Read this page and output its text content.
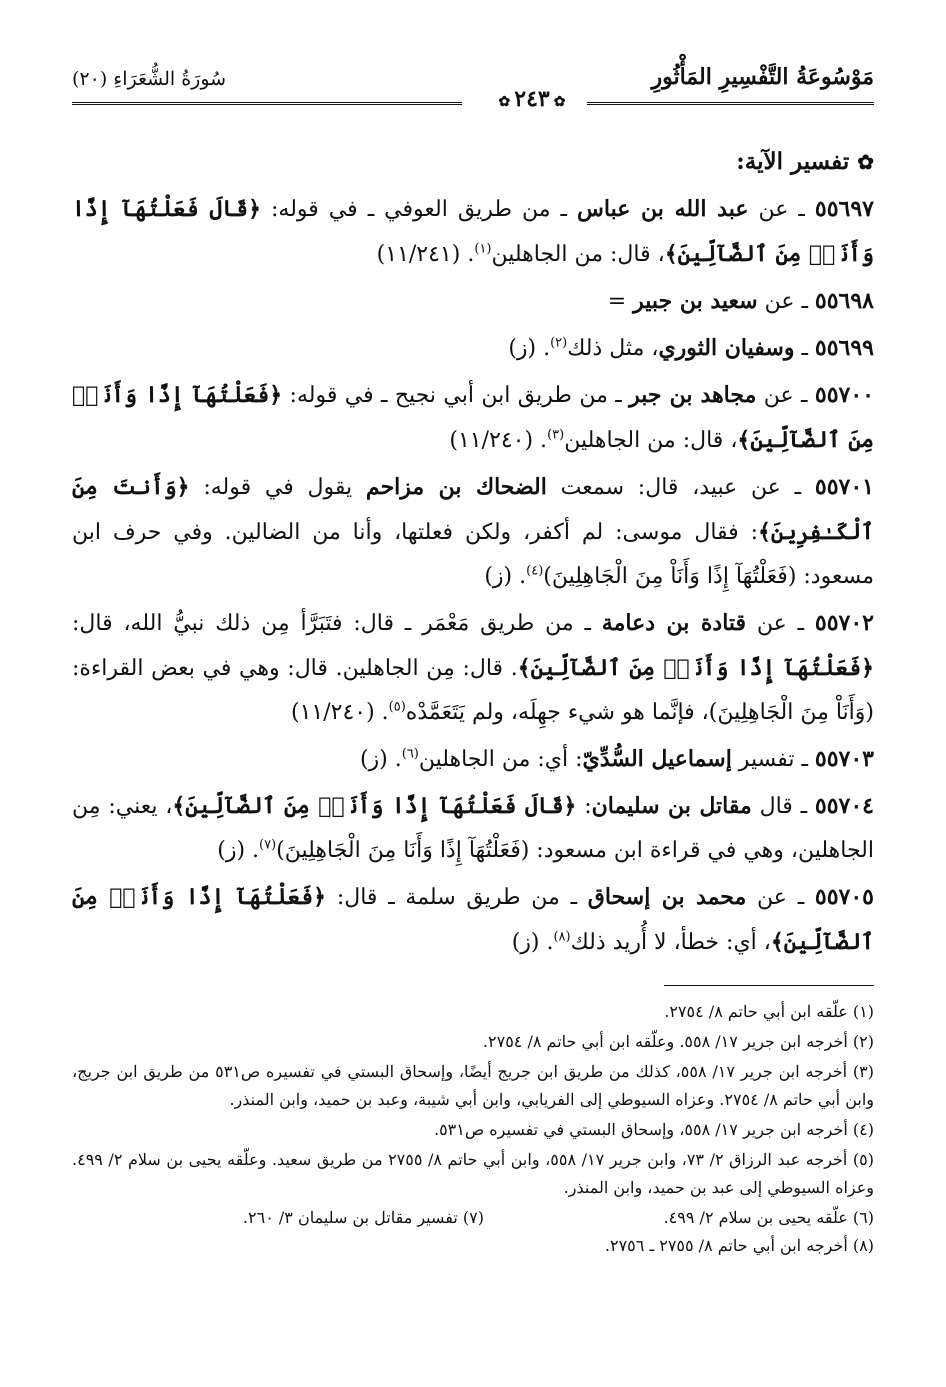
مَوْسُوعَةُ التَّفْسِيرِ المَأْثُورِ
سُورَةُ الشُّعَرَاءِ (٢٠)
✿٢٤٣✿
✿تفسير الآية:
٥٥٦٩٧ ـ عن عبد الله بن عباس ـ من طريق العوفي ـ في قوله: ﴿قَالَ فَعَلْتُهَآ إِذًا وَأَنَا۠ مِنَ ٱلضَّآلِّينَ﴾، قال: من الجاهلين$^{(١)}$. (١١/٢٤١)
٥٥٦٩٨ ـ عن سعيد بن جبير =
٥٥٦٩٩ ـ وسفيان الثوري، مثل ذلك$^{(٢)}$. (ز)
٥٥٧٠٠ ـ عن مجاهد بن جبر ـ من طريق ابن أبي نجيح ـ في قوله: ﴿فَعَلْتُهَآ إِذًا وَأَنَا۠ مِنَ ٱلضَّآلِّينَ﴾، قال: من الجاهلين$^{(٣)}$. (١١/٢٤٠)
٥٥٧٠١ ـ عن عبيد، قال: سمعت الضحاك بن مزاحم يقول في قوله: ﴿وَأَنتَ مِنَ ٱلْكَـٰفِرِينَ﴾: فقال موسى: لم أكفر، ولكن فعلتها، وأنا من الضالين. وفي حرف ابن مسعود: (فَعَلْتُهَآ إِذًا وَأَنَاْ مِنَ الْجَاهِلِينَ)$^{(٤)}$. (ز)
٥٥٧٠٢ ـ عن قتادة بن دعامة ـ من طريق مَعْمَر ـ قال: فتَبَرَّأ مِن ذلك نبيُّ الله، قال: ﴿فَعَلْتُهَآ إِذًا وَأَنَا۠ مِنَ ٱلضَّآلِّينَ﴾. قال: مِن الجاهلين. قال: وهي في بعض القراءة: (وَأَنَاْ مِنَ الْجَاهِلِينَ)، فإنَّما هو شيء جهِلَه، ولم يَتَعَمَّدْه$^{(٥)}$. (١١/٢٤٠)
٥٥٧٠٣ ـ تفسير إسماعيل السُّدِّيّ: أي: من الجاهلين$^{(٦)}$. (ز)
٥٥٧٠٤ ـ قال مقاتل بن سليمان: ﴿قَالَ فَعَلْتُهَآ إِذًا وَأَنَا۠ مِنَ ٱلضَّآلِّينَ﴾، يعني: مِن الجاهلين، وهي في قراءة ابن مسعود: (فَعَلْتُهَآ إِذًا وَأَنَا مِنَ الْجَاهِلِينَ)$^{(٧)}$. (ز)
٥٥٧٠٥ ـ عن محمد بن إسحاق ـ من طريق سلمة ـ قال: ﴿فَعَلْتُهَآ إِذًا وَأَنَا۠ مِنَ ٱلضَّآلِّينَ﴾، أي: خطأ، لا أُريد ذلك$^{(٨)}$. (ز)
(١) علّقه ابن أبي حاتم ٨/ ٢٧٥٤.
(٢) أخرجه ابن جرير ١٧/ ٥٥٨. وعلّقه ابن أبي حاتم ٨/ ٢٧٥٤.
(٣) أخرجه ابن جرير ١٧/ ٥٥٨، كذلك من طريق ابن جريج أيضًا، وإسحاق البستي في تفسيره ص٥٣١ من طريق ابن جريج، وابن أبي حاتم ٨/ ٢٧٥٤. وعزاه السيوطي إلى الفريابي، وابن أبي شيبة، وعبد بن حميد، وابن المنذر.
(٤) أخرجه ابن جرير ١٧/ ٥٥٨، وإسحاق البستي في تفسيره ص٥٣١.
(٥) أخرجه عبد الرزاق ٢/ ٧٣، وابن جرير ١٧/ ٥٥٨، وابن أبي حاتم ٨/ ٢٧٥٥ من طريق سعيد. وعلّقه يحيى بن سلام ٢/ ٤٩٩. وعزاه السيوطي إلى عبد بن حميد، وابن المنذر.
(٦) علّقه يحيى بن سلام ٢/ ٤٩٩.
(٧) تفسير مقاتل بن سليمان ٣/ ٢٦٠.
(٨) أخرجه ابن أبي حاتم ٨/ ٢٧٥٥ ـ ٢٧٥٦.
